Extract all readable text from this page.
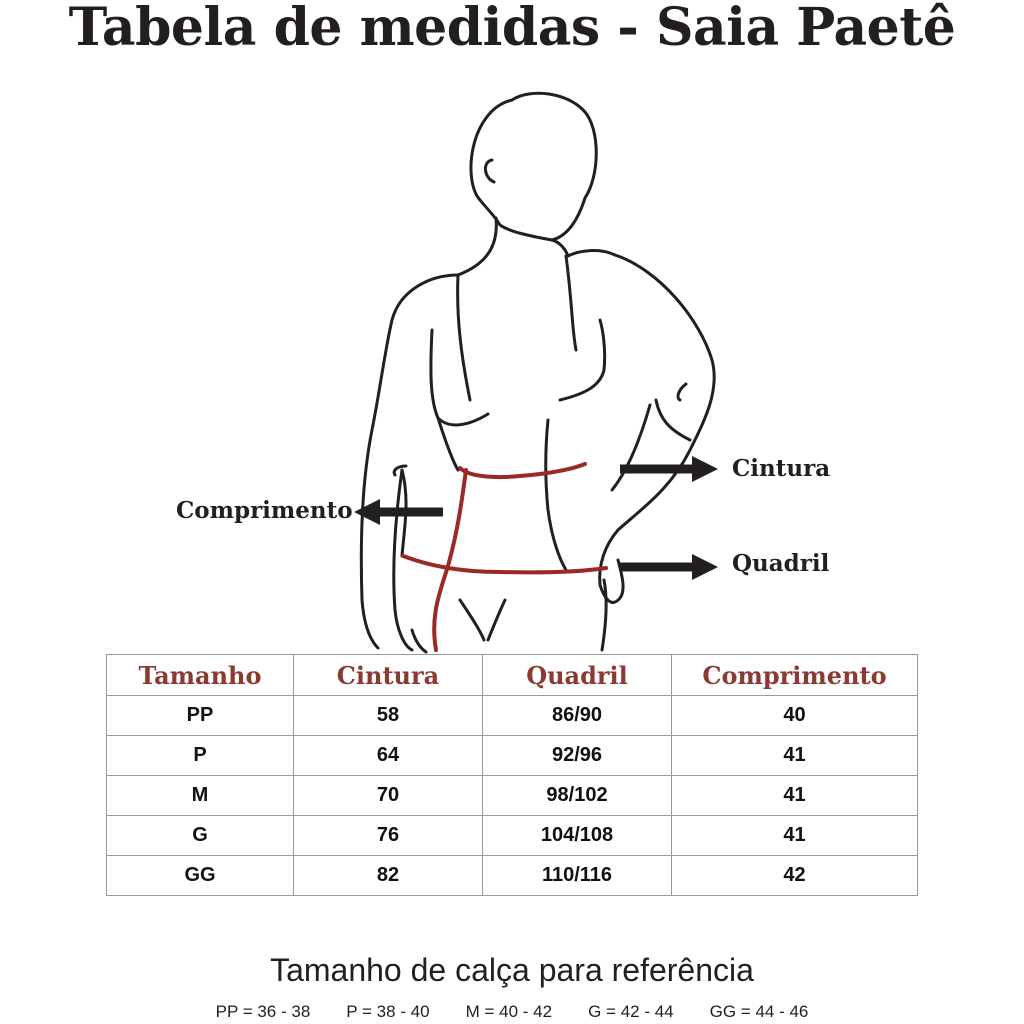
Tabela de medidas - Saia Paetê
Cintura
Quadril
Comprimento
Tamanho	Cintura	Quadril	Comprimento
PP	58	86/90	40
P	64	92/96	41
M	70	98/102	41
G	76	104/108	41
GG	82	110/116	42
Tamanho de calça para referência
PP = 36 - 38 P = 38 - 40 M = 40 - 42 G = 42 - 44 GG = 44 - 46
